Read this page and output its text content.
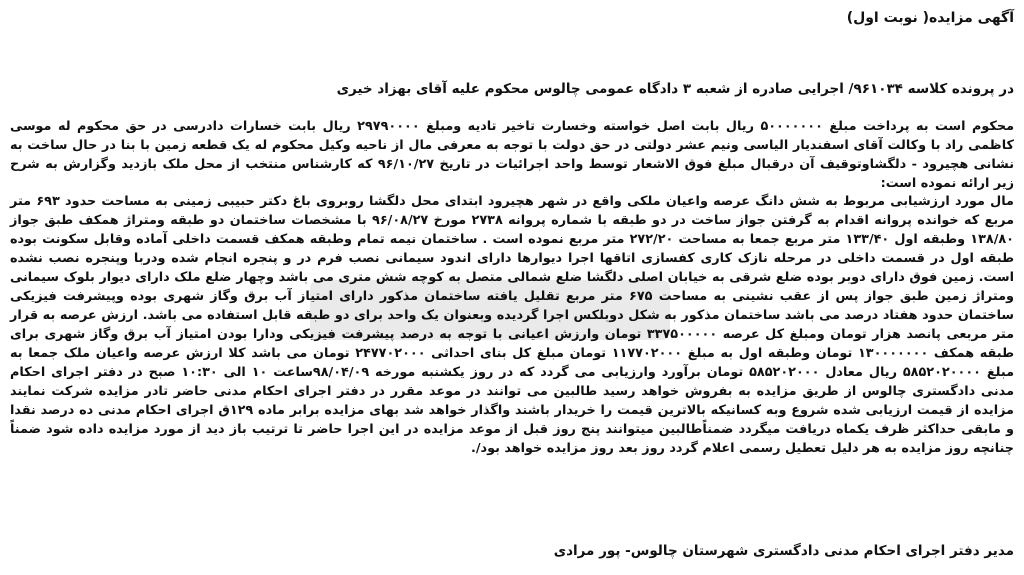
آگهی مزایده( نوبت اول)
در پرونده کلاسه ۹۶۱۰۳۴/ اجرایی صادره از شعبه ۳ دادگاه عمومی چالوس محکوم علیه آقای بهزاد خیری
محکوم است به پرداخت مبلغ ۵۰۰۰۰۰۰۰ ریال بابت اصل خواسته وخسارت تاخیر تادیه ومبلغ ۲۹۷۹۰۰۰۰ ریال بابت خسارات دادرسی در حق محکوم له موسی کاظمی راد با وکالت آقای اسفندیار الیاسی ونیم عشر دولتی در حق دولت با توجه به معرفی مال از ناحیه وکیل محکوم له یک قطعه زمین با بنا در حال ساخت به نشانی هچیرود - دلگشاوتوقیف آن درقبال مبلغ فوق الاشعار توسط واحد اجرائیات در تاریخ ۹۶/۱۰/۲۷ که کارشناس منتخب از محل ملک بازدید وگزارش به شرح زیر ارائه نموده است:
مال مورد ارزشیابی مربوط به شش دانگ عرصه واعیان ملکی واقع در شهر هچیرود ابتدای محل دلگشا روبروی باغ دکتر حبیبی زمینی به مساحت حدود ۶۹۳ متر مربع که خوانده پروانه اقدام به گرفتن جواز ساخت در دو طبقه با شماره پروانه ۲۷۳۸ مورخ ۹۶/۰۸/۲۷ با مشخصات ساختمان دو طبقه ومتراژ همکف طبق جواز ۱۳۸/۸۰ وطبقه اول ۱۳۳/۴۰ متر مربع جمعا به مساحت ۲۷۲/۲۰ متر مربع نموده است . ساختمان نیمه تمام وطبقه همکف قسمت داخلی آماده وقابل سکونت بوده طبقه اول در قسمت داخلی در مرحله نازک کاری کفسازی اتاقها اجرا دیوارها دارای اندود سیمانی نصب فرم در و پنجره انجام شده ودربا وپنجره نصب نشده است. زمین فوق دارای دوبر بوده ضلع شرقی به خیابان اصلی دلگشا ضلع شمالی متصل به کوچه شش متری می باشد وچهار ضلع ملک دارای دیوار بلوک سیمانی ومتراژ زمین طبق جواز پس از عقب نشینی به مساحت ۶۷۵ متر مربع تقلیل یافته ساختمان مذکور دارای امتیاز آب برق وگاز شهری بوده وپیشرفت فیزیکی ساختمان حدود هفتاد درصد می باشد ساختمان مذکور به شکل دوبلکس اجرا گردیده وبعنوان یک واحد برای دو طبقه قابل استفاده می باشد. ارزش عرصه به قرار متر مربعی پانصد هزار تومان ومبلغ کل عرصه ۳۳۷۵۰۰۰۰۰ تومان وارزش اعیانی با توجه به درصد پیشرفت فیزیکی ودارا بودن امتیاز آب برق وگاز شهری برای طبقه همکف ۱۳۰۰۰۰۰۰۰ تومان وطبقه اول به مبلغ ۱۱۷۷۰۲۰۰۰ تومان مبلغ کل بنای احداثی ۲۴۷۷۰۲۰۰۰ تومان می باشد کلا ارزش عرصه واعیان ملک جمعا به مبلغ ۵۸۵۲۰۲۰۰۰۰ ریال معادل ۵۸۵۲۰۲۰۰۰ تومان برآورد وارزیابی می گردد که در روز یکشنبه مورخه ۹۸/۰۴/۰۹ساعت ۱۰ الی ۱۰:۳۰ صبح در دفتر اجرای احکام مدنی دادگستری چالوس از طریق مزایده به بفروش خواهد رسید طالبین می توانند در موعد مقرر در دفتر اجرای احکام مدنی حاضر تادر مزایده شرکت نمایند مزایده از قیمت ارزیابی شده شروع وبه کسانیکه بالاترین قیمت را خریدار باشند واگذار خواهد شد بهای مزایده برابر ماده ۱۲۹ق اجرای احکام مدنی ده درصد نقدا و مابقی حداکثر ظرف یکماه دریافت میگردد ضمناًطالبین میتوانند پنج روز قبل از موعد مزایده در این اجرا حاضر تا ترتیب باز دید از مورد مزایده داده شود ضمناً چنانچه روز مزایده به هر دلیل تعطیل رسمی اعلام گردد روز بعد روز مزایده خواهد بود/.
مدیر دفتر اجرای احکام مدنی دادگستری شهرستان چالوس- پور مرادی
